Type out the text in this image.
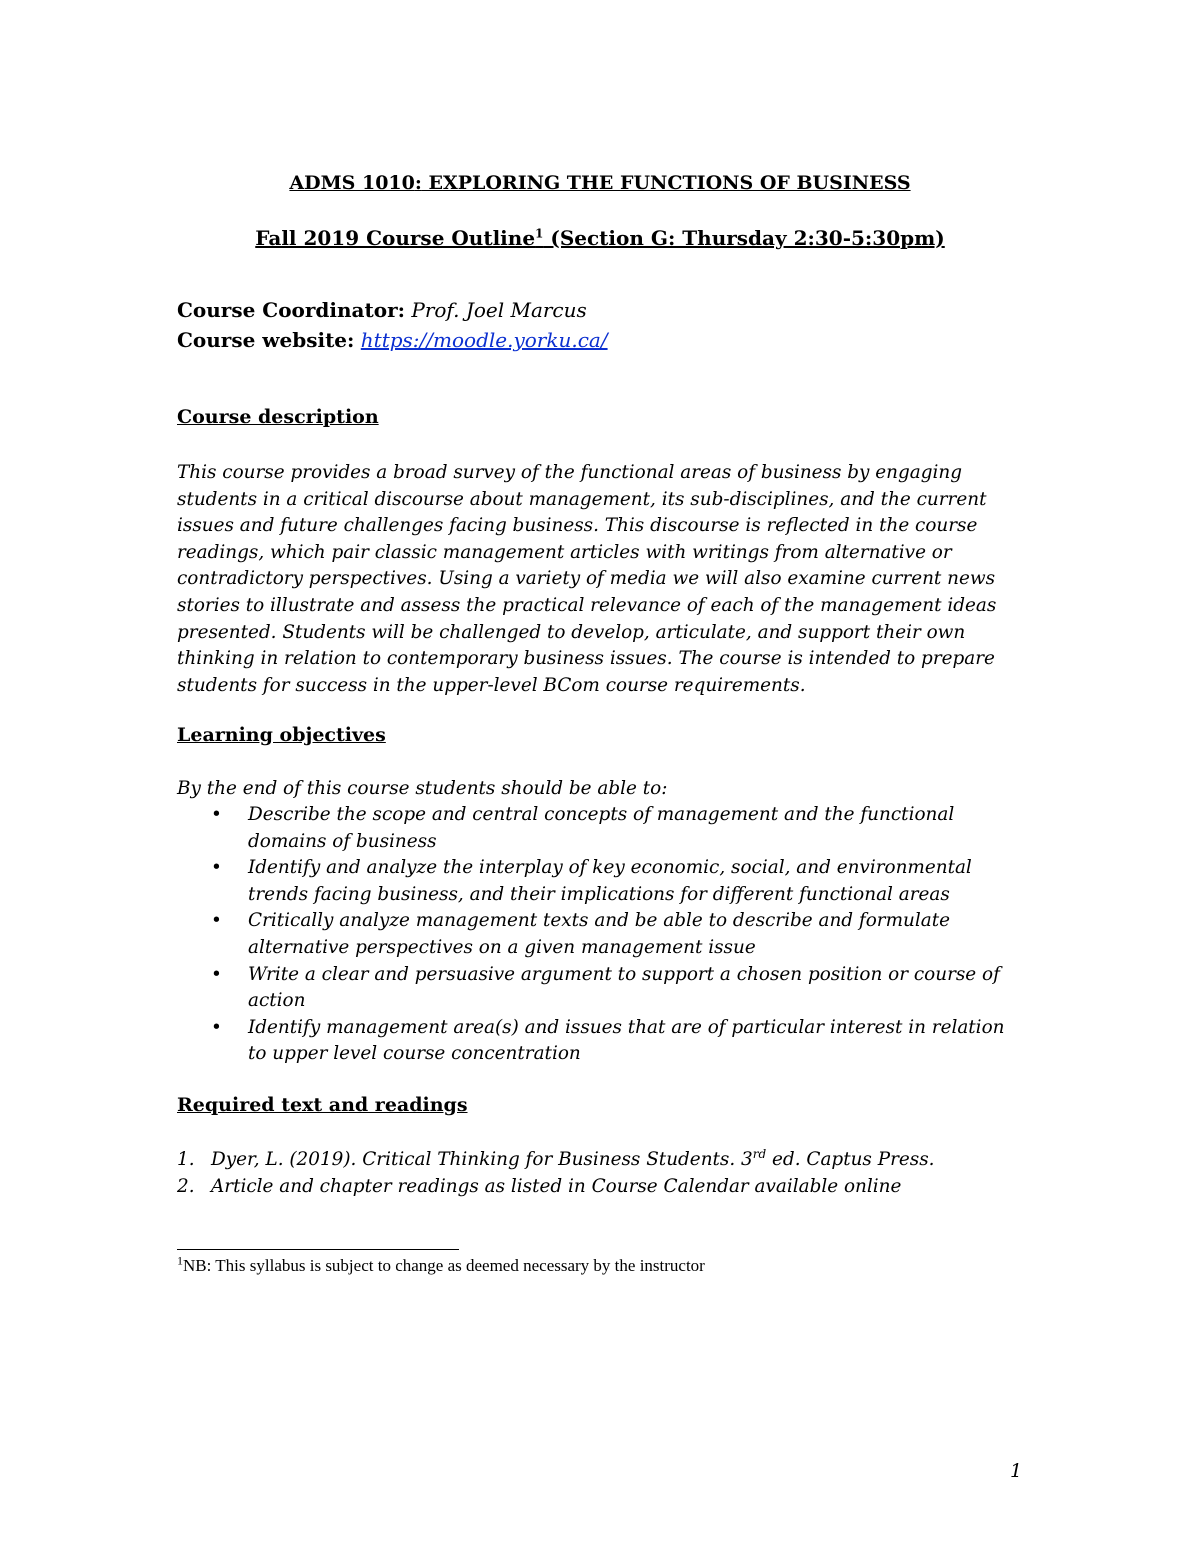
ADMS 1010: EXPLORING THE FUNCTIONS OF BUSINESS
Fall 2019 Course Outline$^1$ (Section G: Thursday 2:30-5:30pm)
Course Coordinator: Prof. Joel Marcus
Course website: https://moodle.yorku.ca/
Course description
This course provides a broad survey of the functional areas of business by engaging students in a critical discourse about management, its sub-disciplines, and the current issues and future challenges facing business. This discourse is reflected in the course readings, which pair classic management articles with writings from alternative or contradictory perspectives. Using a variety of media we will also examine current news stories to illustrate and assess the practical relevance of each of the management ideas presented. Students will be challenged to develop, articulate, and support their own thinking in relation to contemporary business issues. The course is intended to prepare students for success in the upper-level BCom course requirements.
Learning objectives
By the end of this course students should be able to:
• Describe the scope and central concepts of management and the functional domains of business
• Identify and analyze the interplay of key economic, social, and environmental trends facing business, and their implications for different functional areas
• Critically analyze management texts and be able to describe and formulate alternative perspectives on a given management issue
• Write a clear and persuasive argument to support a chosen position or course of action
• Identify management area(s) and issues that are of particular interest in relation to upper level course concentration
Required text and readings
1. Dyer, L. (2019). Critical Thinking for Business Students. 3rd ed. Captus Press.
2. Article and chapter readings as listed in Course Calendar available online
$^1$NB: This syllabus is subject to change as deemed necessary by the instructor
1
